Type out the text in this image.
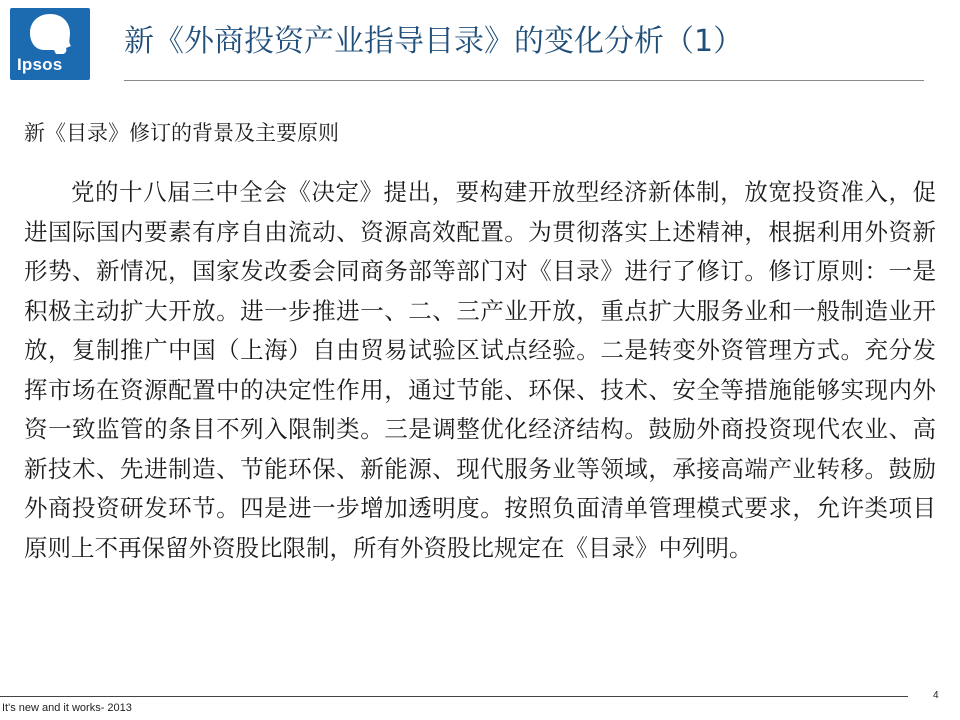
Ipsos
新《外商投资产业指导目录》的变化分析（1）
新《目录》修订的背景及主要原则

党的十八届三中全会《决定》提出，要构建开放型经济新体制，放宽投资准入，促进国际国内要素有序自由流动、资源高效配置。为贯彻落实上述精神，根据利用外资新形势、新情况，国家发改委会同商务部等部门对《目录》进行了修订。修订原则：一是积极主动扩大开放。进一步推进一、二、三产业开放，重点扩大服务业和一般制造业开放，复制推广中国（上海）自由贸易试验区试点经验。二是转变外资管理方式。充分发挥市场在资源配置中的决定性作用，通过节能、环保、技术、安全等措施能够实现内外资一致监管的条目不列入限制类。三是调整优化经济结构。鼓励外商投资现代农业、高新技术、先进制造、节能环保、新能源、现代服务业等领域，承接高端产业转移。鼓励外商投资研发环节。四是进一步增加透明度。按照负面清单管理模式要求，允许类项目原则上不再保留外资股比限制，所有外资股比规定在《目录》中列明。

It's new and it works- 2013
4
